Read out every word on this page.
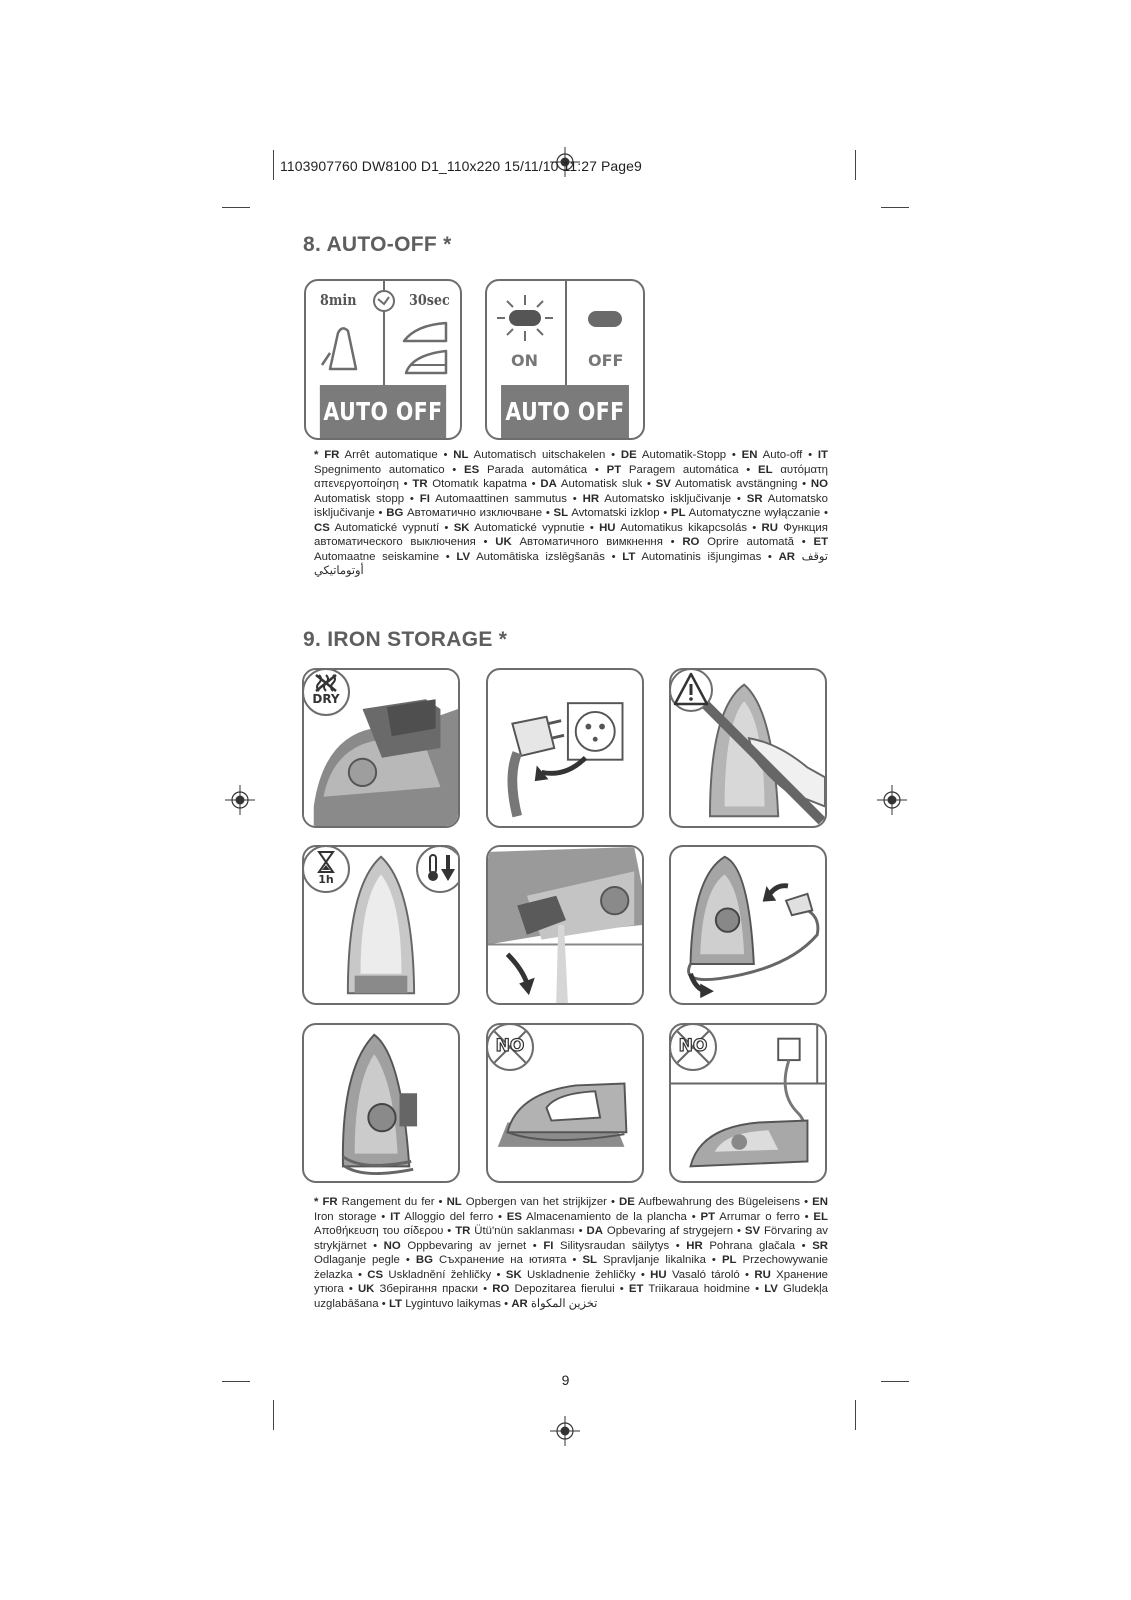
1103907760 DW8100 D1_110x220 15/11/10 11:27 Page9
8. AUTO-OFF *
8min	30sec
AUTO OFF
ON	OFF
AUTO OFF
* FR Arrêt automatique • NL Automatisch uitschakelen • DE Automatik-Stopp • EN Auto-off • IT Spegnimento automatico • ES Parada automática • PT Paragem automática • EL αυτόματη απενεργοποίηση • TR Otomatık kapatma • DA Automatisk sluk • SV Automatisk avstängning • NO Automatisk stopp • FI Automaattinen sammutus • HR Automatsko isključivanje • SR Automatsko isključivanje • BG Автоматично изключване • SL Avtomatski izklop • PL Automatyczne wyłączanie • CS Automatické vypnutí • SK Automatické vypnutie • HU Automatikus kikapcsolás • RU Функция автоматического выключения • UK Автоматичного вимкнення • RO Oprire automată • ET Automaatne seiskamine • LV Automātiska izslēgšanās • LT Automatinis išjungimas • AR توقف أوتوماتيكي
9. IRON STORAGE *
DRY
1h
NO	NO
* FR Rangement du fer • NL Opbergen van het strijkijzer • DE Aufbewahrung des Bügeleisens • EN Iron storage • IT Alloggio del ferro • ES Almacenamiento de la plancha • PT Arrumar o ferro • EL Αποθήκευση του σίδερου • TR Ütü'nün saklanması • DA Opbevaring af strygejern • SV Förvaring av strykjärnet • NO Oppbevaring av jernet • FI Silitysraudan säilytys • HR Pohrana glačala • SR Odlaganje pegle • BG Съхранение на ютията • SL Spravljanje likalnika • PL Przechowywanie żelazka • CS Uskladnění žehličky • SK Uskladnenie žehličky • HU Vasaló tároló • RU Хранение утюга • UK Зберігання праски • RO Depozitarea fierului • ET Triikaraua hoidmine • LV Gludekļa uzglabāšana • LT Lygintuvo laikymas • AR تخزين المكواة
9
